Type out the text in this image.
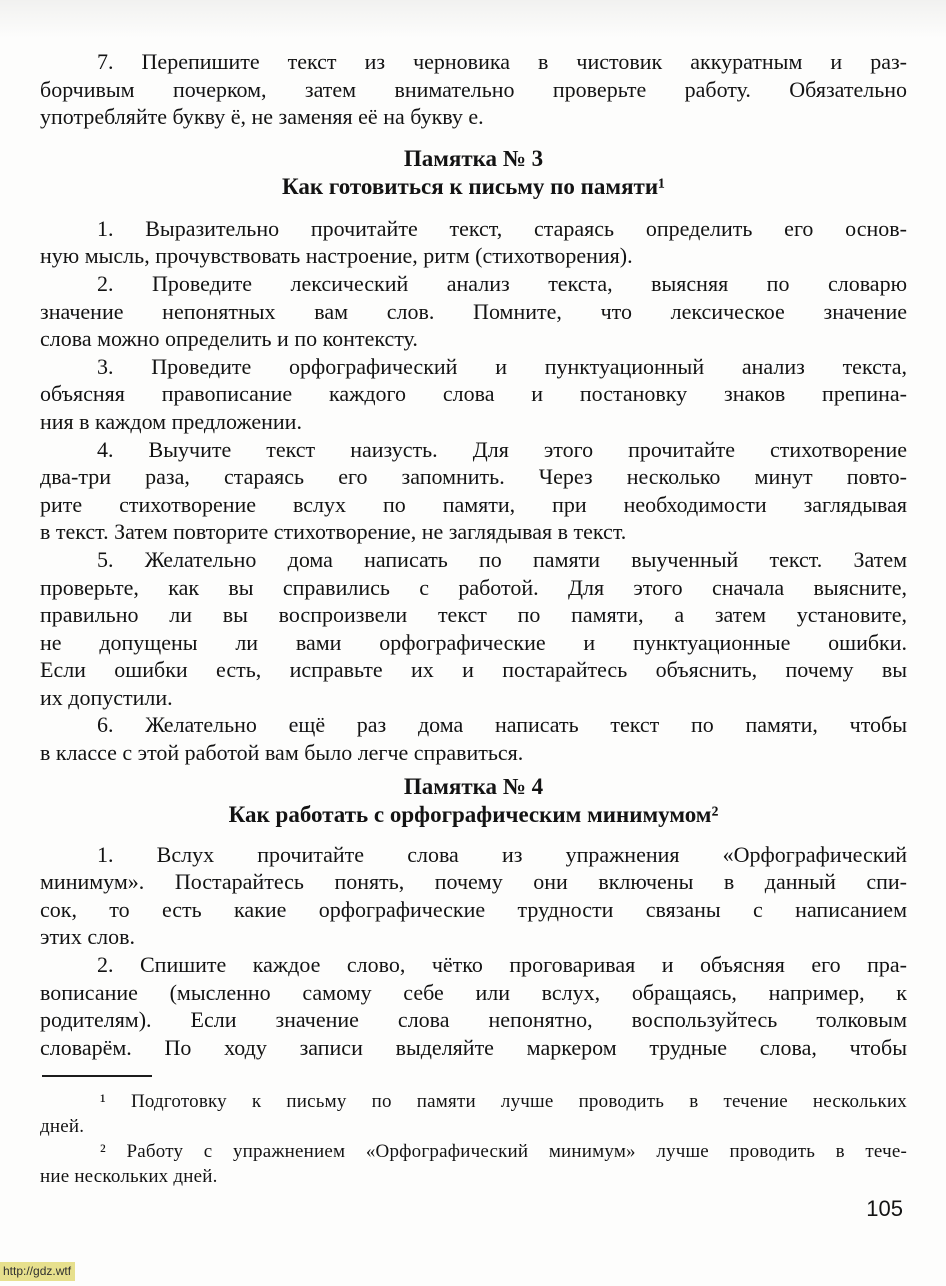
7. Перепишите текст из черновика в чистовик аккуратным и раз-
борчивым почерком, затем внимательно проверьте работу. Обязательно
употребляйте букву ё, не заменяя её на букву е.
Памятка № 3
Как готовиться к письму по памяти¹
1. Выразительно прочитайте текст, стараясь определить его основ-
ную мысль, прочувствовать настроение, ритм (стихотворения).
2. Проведите лексический анализ текста, выясняя по словарю
значение непонятных вам слов. Помните, что лексическое значение
слова можно определить и по контексту.
3. Проведите орфографический и пунктуационный анализ текста,
объясняя правописание каждого слова и постановку знаков препина-
ния в каждом предложении.
4. Выучите текст наизусть. Для этого прочитайте стихотворение
два-три раза, стараясь его запомнить. Через несколько минут повто-
рите стихотворение вслух по памяти, при необходимости заглядывая
в текст. Затем повторите стихотворение, не заглядывая в текст.
5. Желательно дома написать по памяти выученный текст. Затем
проверьте, как вы справились с работой. Для этого сначала выясните,
правильно ли вы воспроизвели текст по памяти, а затем установите,
не допущены ли вами орфографические и пунктуационные ошибки.
Если ошибки есть, исправьте их и постарайтесь объяснить, почему вы
их допустили.
6. Желательно ещё раз дома написать текст по памяти, чтобы
в классе с этой работой вам было легче справиться.
Памятка № 4
Как работать с орфографическим минимумом²
1. Вслух прочитайте слова из упражнения «Орфографический
минимум». Постарайтесь понять, почему они включены в данный спи-
сок, то есть какие орфографические трудности связаны с написанием
этих слов.
2. Спишите каждое слово, чётко проговаривая и объясняя его пра-
вописание (мысленно самому себе или вслух, обращаясь, например, к
родителям). Если значение слова непонятно, воспользуйтесь толковым
словарём. По ходу записи выделяйте маркером трудные слова, чтобы
¹ Подготовку к письму по памяти лучше проводить в течение нескольких
дней.
² Работу с упражнением «Орфографический минимум» лучше проводить в тече-
ние нескольких дней.
105
http://gdz.wtf
